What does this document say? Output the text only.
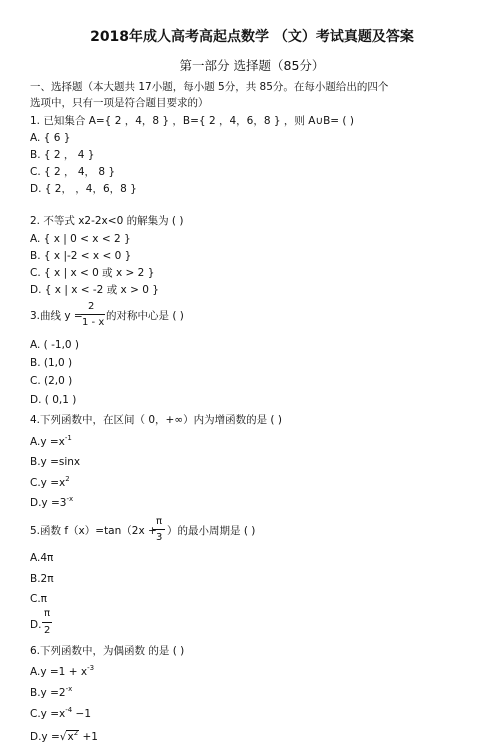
2018年成人高考高起点数学 （文）考试真题及答案
第一部分 选择题（85分）
一、选择题（本大题共 17小题，每小题 5分，共 85分。在每小题给出的四个
选项中，只有一项是符合题目要求的）
1. 已知集合 A={ 2 ，4，8 } ，B={ 2 ，4，6，8 } ，则 A∪B= ( )
A. { 6 }
B. { 2 ， 4 }
C. { 2 ， 4， 8 }
D. { 2， ，4，6，8 }
2. 不等式 x2-2x<0 的解集为 ( )
A. { x | 0 < x < 2 }
B. { x |-2 < x < 0 }
C. { x | x < 0 或 x > 2 }
D. { x | x < -2 或 x > 0 }
3.曲线 y =
2
1 - x
的对称中心是 ( )
A. ( -1,0 )
B. (1,0 )
C. (2,0 )
D. ( 0,1 )
4.下列函数中，在区间（ 0，+∞）内为增函数的是 ( )
$A.y =x^{-1}$
B.y =sinx
$C.y =x^2$
$D.y =3^{-x}$
5.函数 f（x）=tan（2x +
π
3
）的最小周期是 ( )
A.4π
B.2π
C.π
D.
π
2
6.下列函数中，为偶函数 的是 ( )
$A.y =1 + x^{-3}$
$B.y =2^{-x}$
$C.y =x^{-4} -1$
$D.y =√x^2 +1$
